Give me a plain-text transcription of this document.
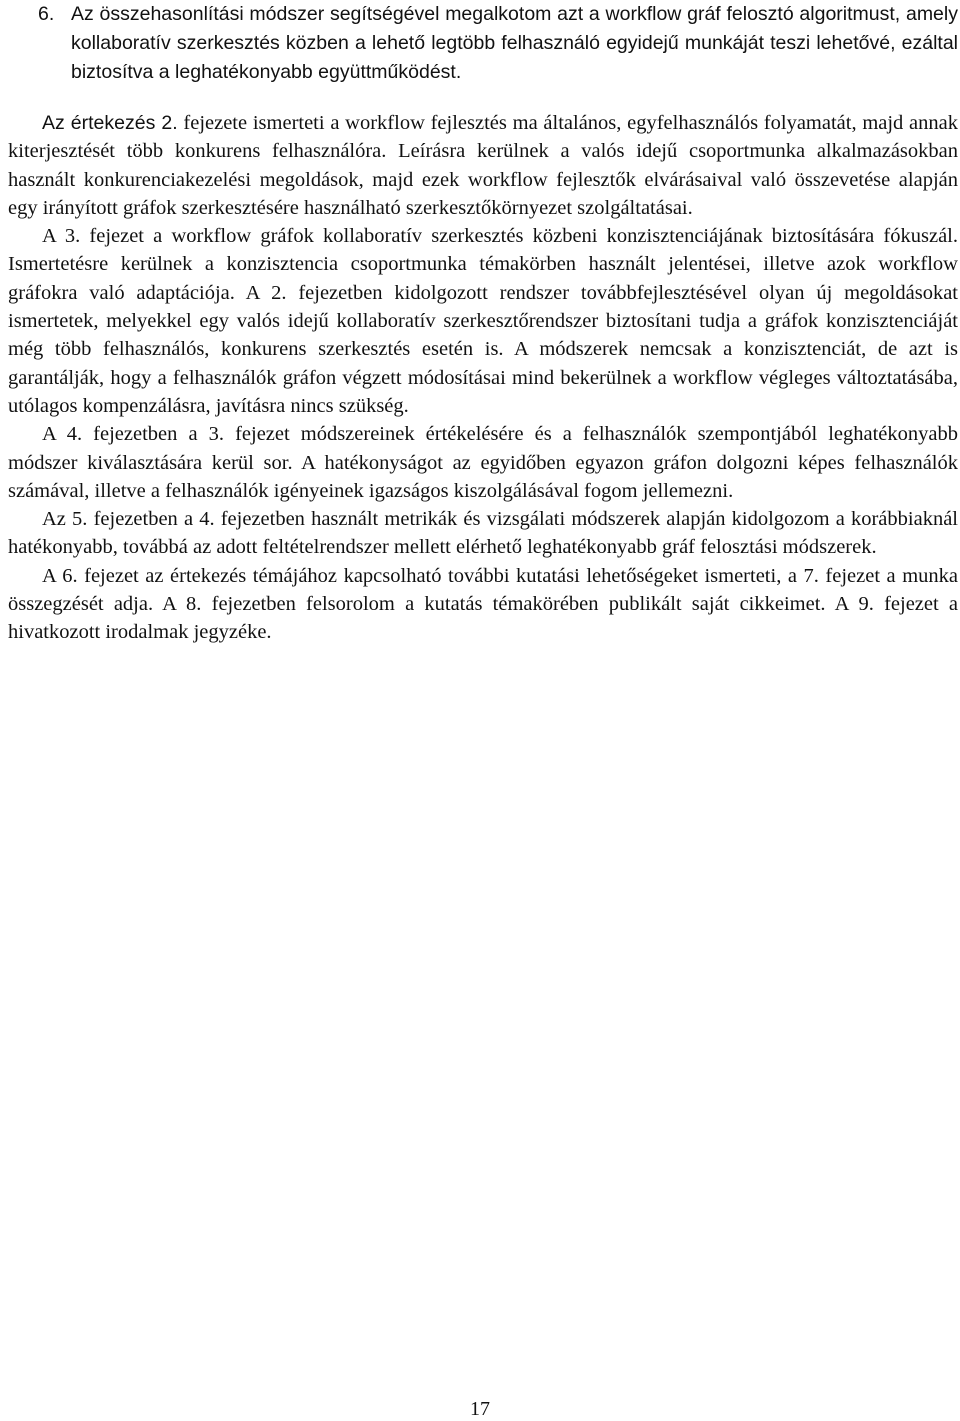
6. Az összehasonlítási módszer segítségével megalkotom azt a workflow gráf felosztó algoritmust, amely kollaboratív szerkesztés közben a lehető legtöbb felhasználó egyidejű munkáját teszi lehetővé, ezáltal biztosítva a leghatékonyabb együttműködést.

Az értekezés 2. fejezete ismerteti a workflow fejlesztés ma általános, egyfelhasználós folyamatát, majd annak kiterjesztését több konkurens felhasználóra. Leírásra kerülnek a valós idejű csoportmunka alkalmazásokban használt konkurenciakezelési megoldások, majd ezek workflow fejlesztők elvárásaival való összevetése alapján egy irányított gráfok szerkesztésére használható szerkesztőkörnyezet szolgáltatásai.

A 3. fejezet a workflow gráfok kollaboratív szerkesztés közbeni konzisztenciájának biztosítására fókuszál. Ismertetésre kerülnek a konzisztencia csoportmunka témakörben használt jelentései, illetve azok workflow gráfokra való adaptációja. A 2. fejezetben kidolgozott rendszer továbbfejlesztésével olyan új megoldásokat ismertetek, melyekkel egy valós idejű kollaboratív szerkesztőrendszer biztosítani tudja a gráfok konzisztenciáját még több felhasználós, konkurens szerkesztés esetén is. A módszerek nemcsak a konzisztenciát, de azt is garantálják, hogy a felhasználók gráfon végzett módosításai mind bekerülnek a workflow végleges változtatásába, utólagos kompenzálásra, javításra nincs szükség.

A 4. fejezetben a 3. fejezet módszereinek értékelésére és a felhasználók szempontjából leghatékonyabb módszer kiválasztására kerül sor. A hatékonyságot az egyidőben egyazon gráfon dolgozni képes felhasználók számával, illetve a felhasználók igényeinek igazságos kiszolgálásával fogom jellemezni.

Az 5. fejezetben a 4. fejezetben használt metrikák és vizsgálati módszerek alapján kidolgozom a korábbiaknál hatékonyabb, továbbá az adott feltételrendszer mellett elérhető leghatékonyabb gráf felosztási módszerek.

A 6. fejezet az értekezés témájához kapcsolható további kutatási lehetőségeket ismerteti, a 7. fejezet a munka összegzését adja. A 8. fejezetben felsorolom a kutatás témakörében publikált saját cikkeimet. A 9. fejezet a hivatkozott irodalmak jegyzéke.

17
